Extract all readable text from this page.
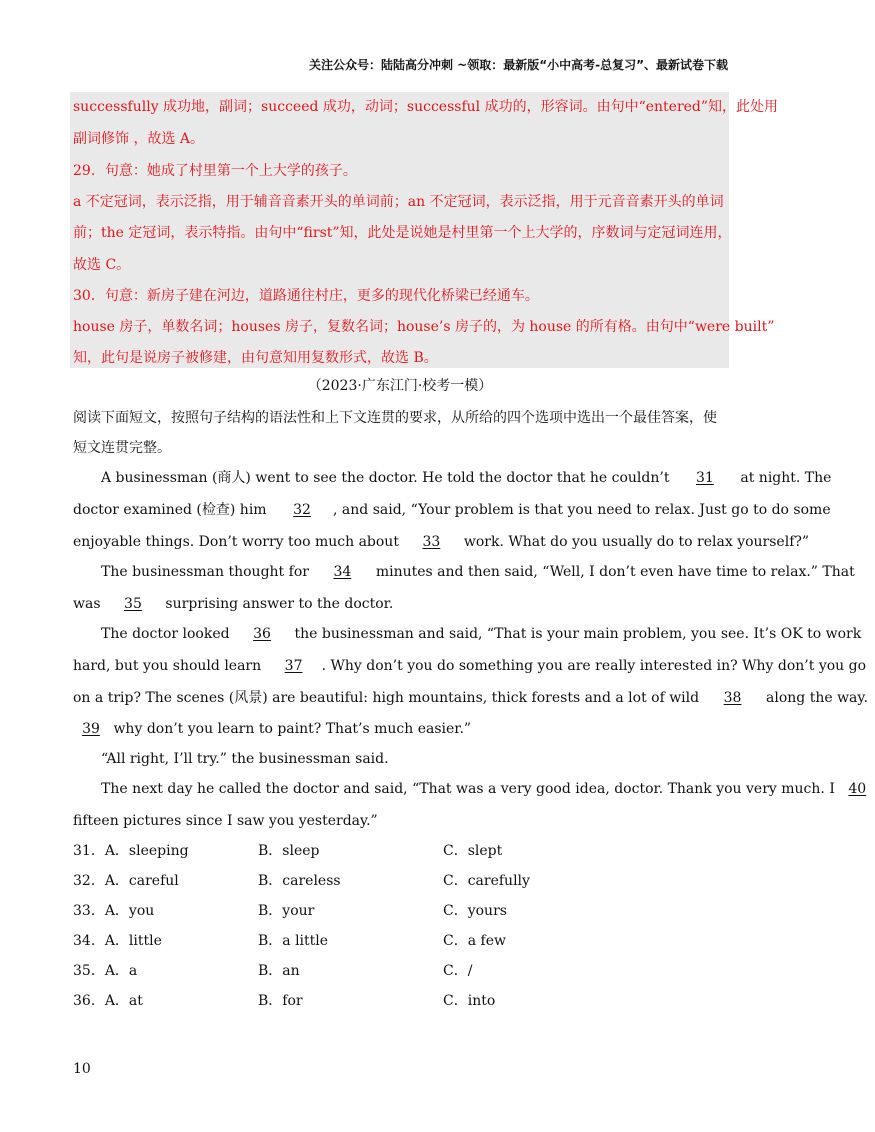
关注公众号：陆陆高分冲刺 ~领取：最新版“小中高考-总复习”、最新试卷下载
successfully 成功地，副词；succeed 成功，动词；successful 成功的，形容词。由句中“entered”知，此处用
副词修饰 ，故选 A。
29．句意：她成了村里第一个上大学的孩子。
a 不定冠词，表示泛指，用于辅音音素开头的单词前；an 不定冠词，表示泛指，用于元音音素开头的单词
前；the 定冠词，表示特指。由句中“first”知，此处是说她是村里第一个上大学的，序数词与定冠词连用，
故选 C。
30．句意：新房子建在河边，道路通往村庄，更多的现代化桥梁已经通车。
house 房子，单数名词；houses 房子，复数名词；house’s 房子的，为 house 的所有格。由句中“were built”
知，此句是说房子被修建，由句意知用复数形式，故选 B。
（2023·广东江门·校考一模）
阅读下面短文，按照句子结构的语法性和上下文连贯的要求，从所给的四个选项中选出一个最佳答案，使
短文连贯完整。
A businessman (商人) went to see the doctor. He told the doctor that he couldn’t 31 at night. The
doctor examined (检查) him 32 , and said, “Your problem is that you need to relax. Just go to do some
enjoyable things. Don’t worry too much about 33 work. What do you usually do to relax yourself?”
The businessman thought for 34 minutes and then said, “Well, I don’t even have time to relax.” That
was 35 surprising answer to the doctor.
The doctor looked 36 the businessman and said, “That is your main problem, you see. It’s OK to work
hard, but you should learn 37 . Why don’t you do something you are really interested in? Why don’t you go
on a trip? The scenes (风景) are beautiful: high mountains, thick forests and a lot of wild 38 along the way.
39 why don’t you learn to paint? That’s much easier.”
“All right, I’ll try.” the businessman said.
The next day he called the doctor and said, “That was a very good idea, doctor. Thank you very much. I 40
fifteen pictures since I saw you yesterday.”
31．A．sleeping	B．sleep	C．slept
32．A．careful	B．careless	C．carefully
33．A．you	B．your	C．yours
34．A．little	B．a little	C．a few
35．A．a	B．an	C．/
36．A．at	B．for	C．into
10
